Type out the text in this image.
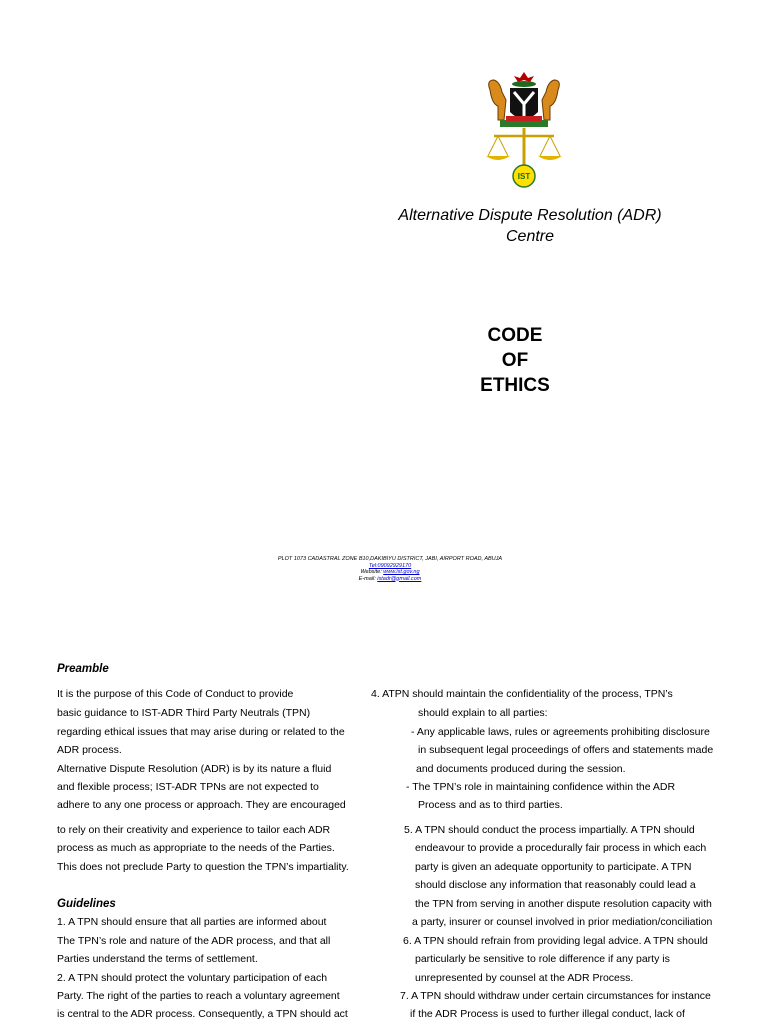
IST
Alternative Dispute Resolution (ADR)
Centre
CODE
OF
ETHICS
PLOT 1073 CADASTRAL ZONE B10,DAKIBIYU DISTRICT, JABI, AIRPORT ROAD, ABUJA
Tel:09092929170
Website: www.ist.gov.ng
E-mail: istadr@gmail.com
Preamble
It is the purpose of this Code of Conduct to provide
basic guidance to IST-ADR Third Party Neutrals (TPN)
regarding ethical issues that may arise during or related to the
ADR process.
Alternative Dispute Resolution (ADR) is by its nature a fluid
and flexible process; IST-ADR TPNs are not expected to
adhere to any one process or approach. They are encouraged
to rely on their creativity and experience to tailor each ADR
process as much as appropriate to the needs of the Parties.
This does not preclude Party to question the TPN’s impartiality.
Guidelines
1. A TPN should ensure that all parties are informed about
The TPN’s role and nature of the ADR process, and that all
Parties understand the terms of settlement.
2. A TPN should protect the voluntary participation of each
Party. The right of the parties to reach a voluntary agreement
is central to the ADR process. Consequently, a TPN should act
4. ATPN should maintain the confidentiality of the process, TPN’s
should explain to all parties:
- Any applicable laws, rules or agreements prohibiting disclosure
in subsequent legal proceedings of offers and statements made
and documents produced during the session.
- The TPN’s role in maintaining confidence within the ADR
Process and as to third parties.
5. A TPN should conduct the process impartially. A TPN should
endeavour to provide a procedurally fair process in which each
party is given an adequate opportunity to participate. A TPN
should disclose any information that reasonably could lead a
the TPN from serving in another dispute resolution capacity with
a party, insurer or counsel involved in prior mediation/conciliation
6. A TPN should refrain from providing legal advice. A TPN should
particularly be sensitive to role difference if any party is
unrepresented by counsel at the ADR Process.
7. A TPN should withdraw under certain circumstances for instance
if the ADR Process is used to further illegal conduct, lack of
